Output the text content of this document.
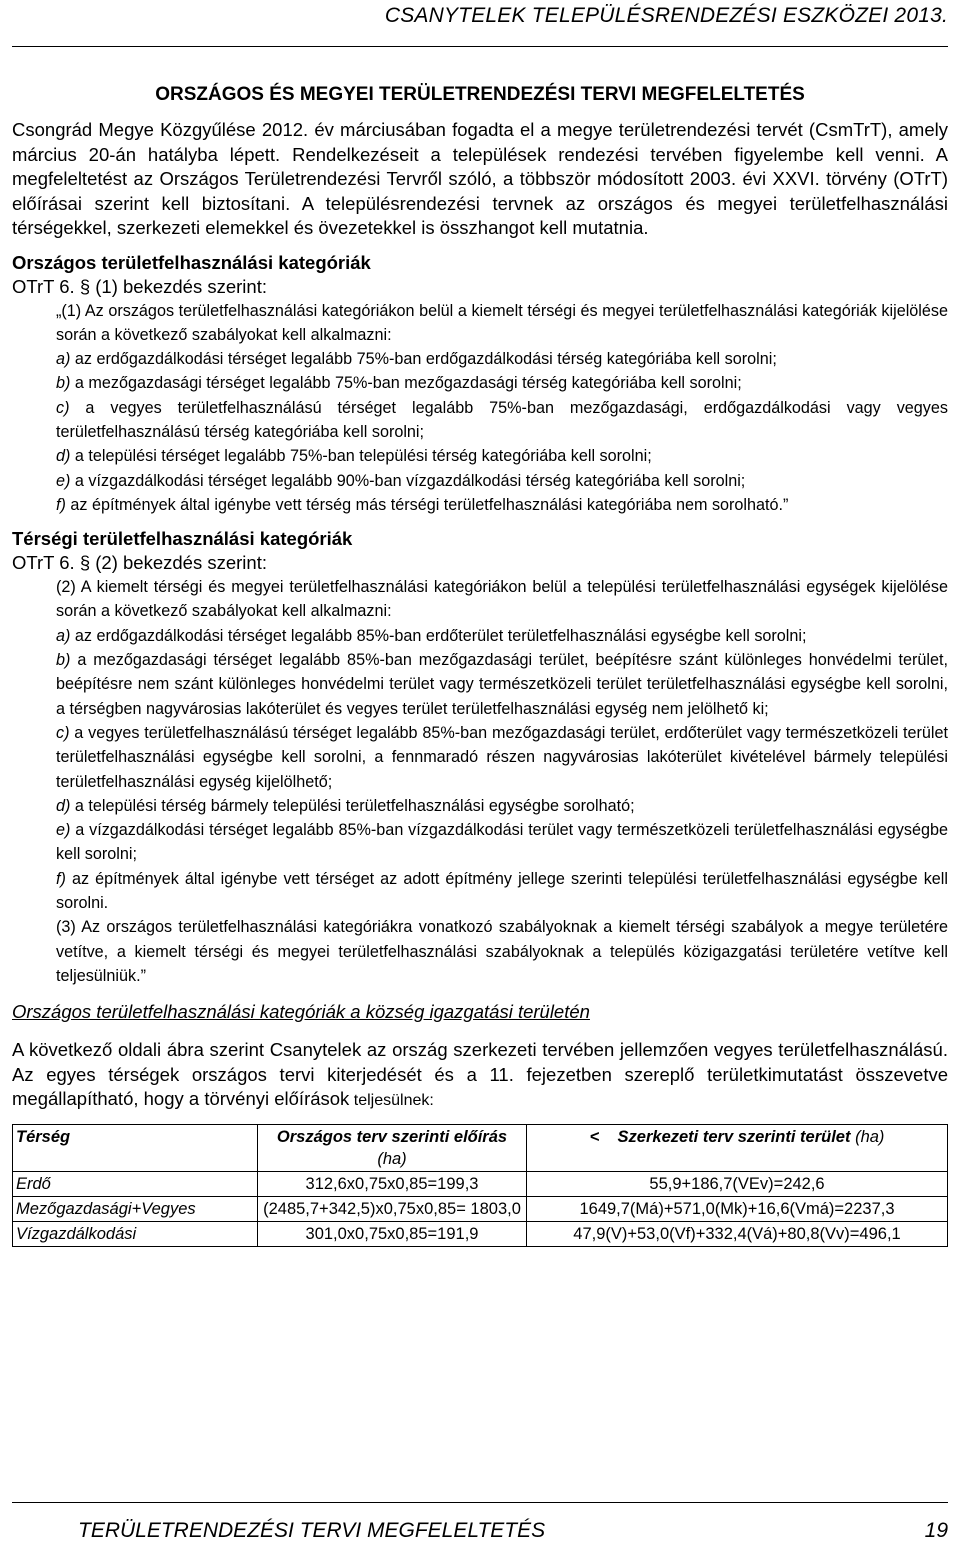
CSANYTELEK TELEPÜLÉSRENDEZÉSI ESZKÖZEI 2013.
ORSZÁGOS ÉS MEGYEI TERÜLETRENDEZÉSI TERVI MEGFELELTETÉS

Csongrád Megye Közgyűlése 2012. év márciusában fogadta el a megye területrendezési tervét (CsmTrT), amely március 20-án hatályba lépett. Rendelkezéseit a települések rendezési tervében figyelembe kell venni. A megfeleltetést az Országos Területrendezési Tervről szóló, a többször módosított 2003. évi XXVI. törvény (OTrT) előírásai szerint kell biztosítani. A településrendezési tervnek az országos és megyei területfelhasználási térségekkel, szerkezeti elemekkel és övezetekkel is összhangot kell mutatnia.

Országos területfelhasználási kategóriák
OTrT 6. § (1) bekezdés szerint:
„(1) Az országos területfelhasználási kategóriákon belül a kiemelt térségi és megyei területfelhasználási kategóriák kijelölése során a következő szabályokat kell alkalmazni:
a) az erdőgazdálkodási térséget legalább 75%-ban erdőgazdálkodási térség kategóriába kell sorolni;
b) a mezőgazdasági térséget legalább 75%-ban mezőgazdasági térség kategóriába kell sorolni;
c) a vegyes területfelhasználású térséget legalább 75%-ban mezőgazdasági, erdőgazdálkodási vagy vegyes területfelhasználású térség kategóriába kell sorolni;
d) a települési térséget legalább 75%-ban települési térség kategóriába kell sorolni;
e) a vízgazdálkodási térséget legalább 90%-ban vízgazdálkodási térség kategóriába kell sorolni;
f) az építmények által igénybe vett térség más térségi területfelhasználási kategóriába nem sorolható.”
Térségi területfelhasználási kategóriák
OTrT 6. § (2) bekezdés szerint:
(2) A kiemelt térségi és megyei területfelhasználási kategóriákon belül a települési területfelhasználási egységek kijelölése során a következő szabályokat kell alkalmazni:
a) az erdőgazdálkodási térséget legalább 85%-ban erdőterület területfelhasználási egységbe kell sorolni;
b) a mezőgazdasági térséget legalább 85%-ban mezőgazdasági terület, beépítésre szánt különleges honvédelmi terület, beépítésre nem szánt különleges honvédelmi terület vagy természetközeli terület területfelhasználási egységbe kell sorolni, a térségben nagyvárosias lakóterület és vegyes terület területfelhasználási egység nem jelölhető ki;
c) a vegyes területfelhasználású térséget legalább 85%-ban mezőgazdasági terület, erdőterület vagy természetközeli terület területfelhasználási egységbe kell sorolni, a fennmaradó részen nagyvárosias lakóterület kivételével bármely települési területfelhasználási egység kijelölhető;
d) a települési térség bármely települési területfelhasználási egységbe sorolható;
e) a vízgazdálkodási térséget legalább 85%-ban vízgazdálkodási terület vagy természetközeli területfelhasználási egységbe kell sorolni;
f) az építmények által igénybe vett térséget az adott építmény jellege szerinti települési területfelhasználási egységbe kell sorolni.
(3) Az országos területfelhasználási kategóriákra vonatkozó szabályoknak a kiemelt térségi szabályok a megye területére vetítve, a kiemelt térségi és megyei területfelhasználási szabályoknak a település közigazgatási területére vetítve kell teljesülniük.”
Országos területfelhasználási kategóriák a község igazgatási területén

A következő oldali ábra szerint Csanytelek az ország szerkezeti tervében jellemzően vegyes területfelhasználású. Az egyes térségek országos tervi kiterjedését és a 11. fejezetben szereplő területkimutatást összevetve megállapítható, hogy a törvényi előírások teljesülnek:

Térség	Országos terv szerinti előírás (ha)	<    Szerkezeti terv szerinti terület (ha)
Erdő	312,6x0,75x0,85=199,3	55,9+186,7(VEv)=242,6
Mezőgazdasági+Vegyes	(2485,7+342,5)x0,75x0,85= 1803,0	1649,7(Má)+571,0(Mk)+16,6(Vmá)=2237,3
Vízgazdálkodási	301,0x0,75x0,85=191,9	47,9(V)+53,0(Vf)+332,4(Vá)+80,8(Vv)=496,1
TERÜLETRENDEZÉSI TERVI MEGFELELTETÉS	19
